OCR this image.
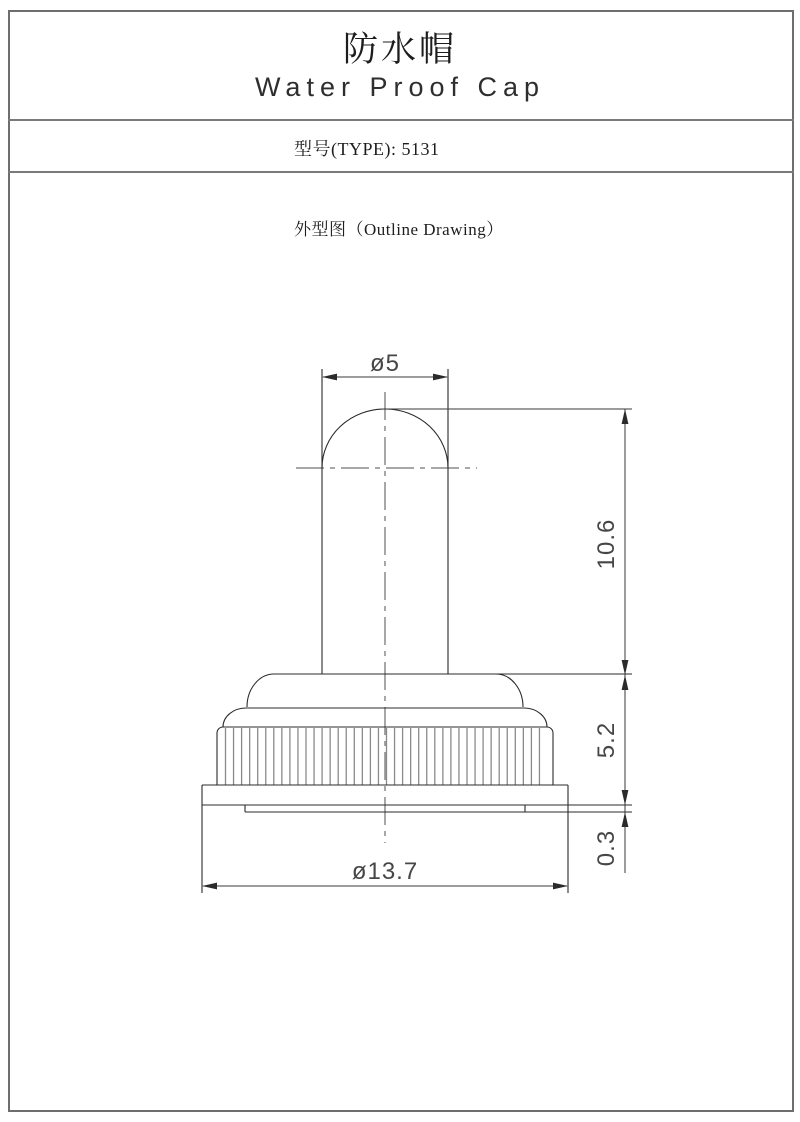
防水帽
Water Proof Cap
型号(TYPE): 5131
外型图（Outline Drawing）
ø5
10.6
5.2
0.3
ø13.7
